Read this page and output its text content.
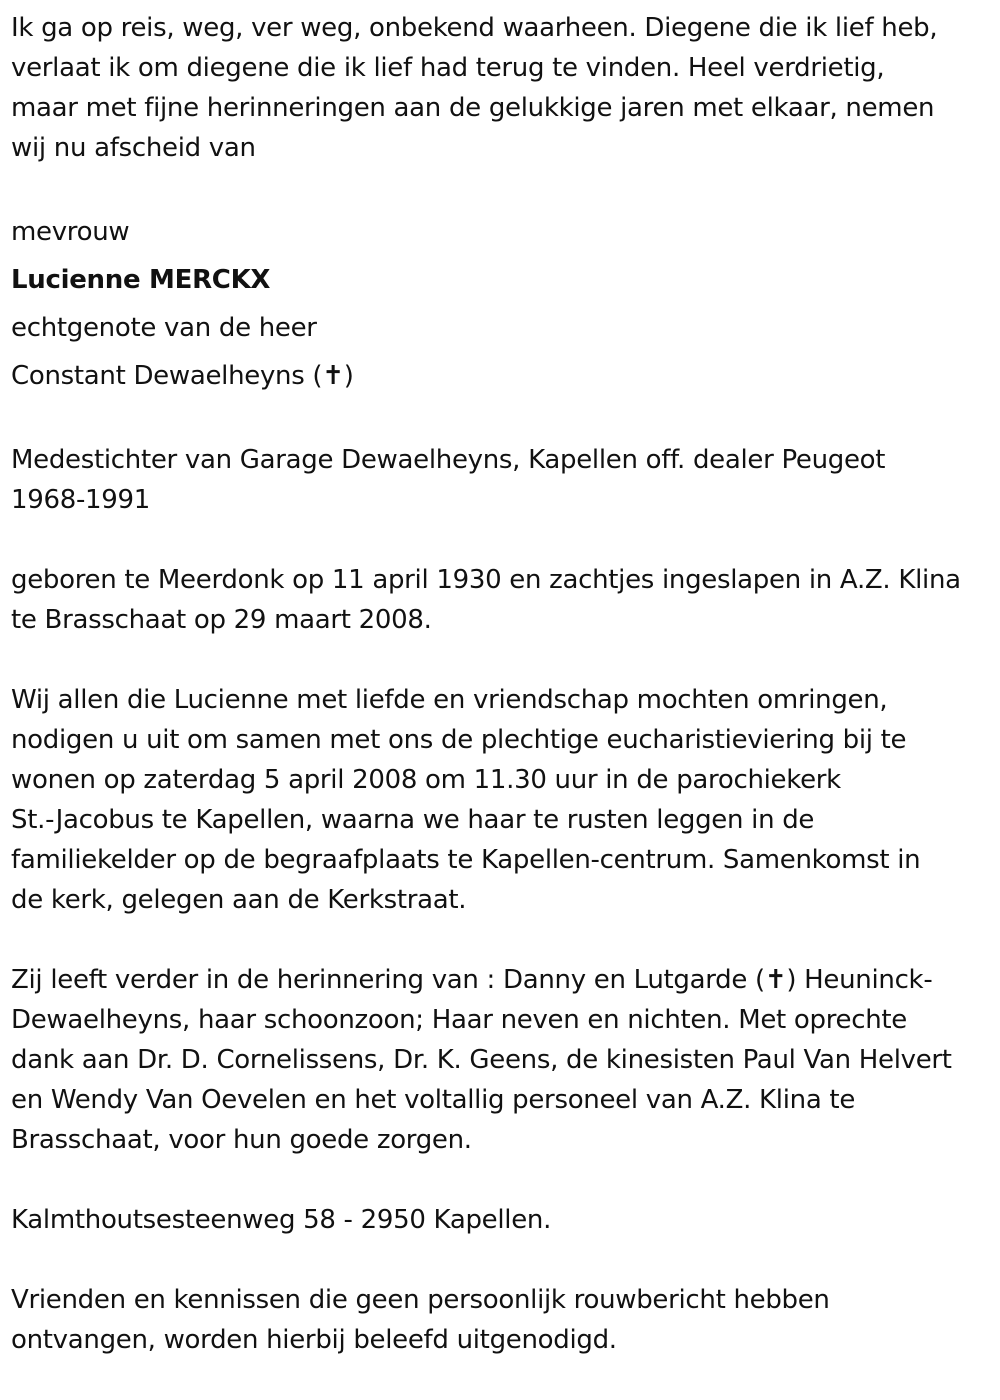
Ik ga op reis, weg, ver weg, onbekend waarheen. Diegene die ik lief heb,
verlaat ik om diegene die ik lief had terug te vinden. Heel verdrietig,
maar met fijne herinneringen aan de gelukkige jaren met elkaar, nemen
wij nu afscheid van

mevrouw
Lucienne MERCKX
echtgenote van de heer
Constant Dewaelheyns (✝)

Medestichter van Garage Dewaelheyns, Kapellen off. dealer Peugeot
1968-1991

geboren te Meerdonk op 11 april 1930 en zachtjes ingeslapen in A.Z. Klina
te Brasschaat op 29 maart 2008.

Wij allen die Lucienne met liefde en vriendschap mochten omringen,
nodigen u uit om samen met ons de plechtige eucharistieviering bij te
wonen op zaterdag 5 april 2008 om 11.30 uur in de parochiekerk
St.-Jacobus te Kapellen, waarna we haar te rusten leggen in de
familiekelder op de begraafplaats te Kapellen-centrum. Samenkomst in
de kerk, gelegen aan de Kerkstraat.

Zij leeft verder in de herinnering van : Danny en Lutgarde (✝) Heuninck-
Dewaelheyns, haar schoonzoon; Haar neven en nichten. Met oprechte
dank aan Dr. D. Cornelissens, Dr. K. Geens, de kinesisten Paul Van Helvert
en Wendy Van Oevelen en het voltallig personeel van A.Z. Klina te
Brasschaat, voor hun goede zorgen.

Kalmthoutsesteenweg 58 - 2950 Kapellen.

Vrienden en kennissen die geen persoonlijk rouwbericht hebben
ontvangen, worden hierbij beleefd uitgenodigd.
